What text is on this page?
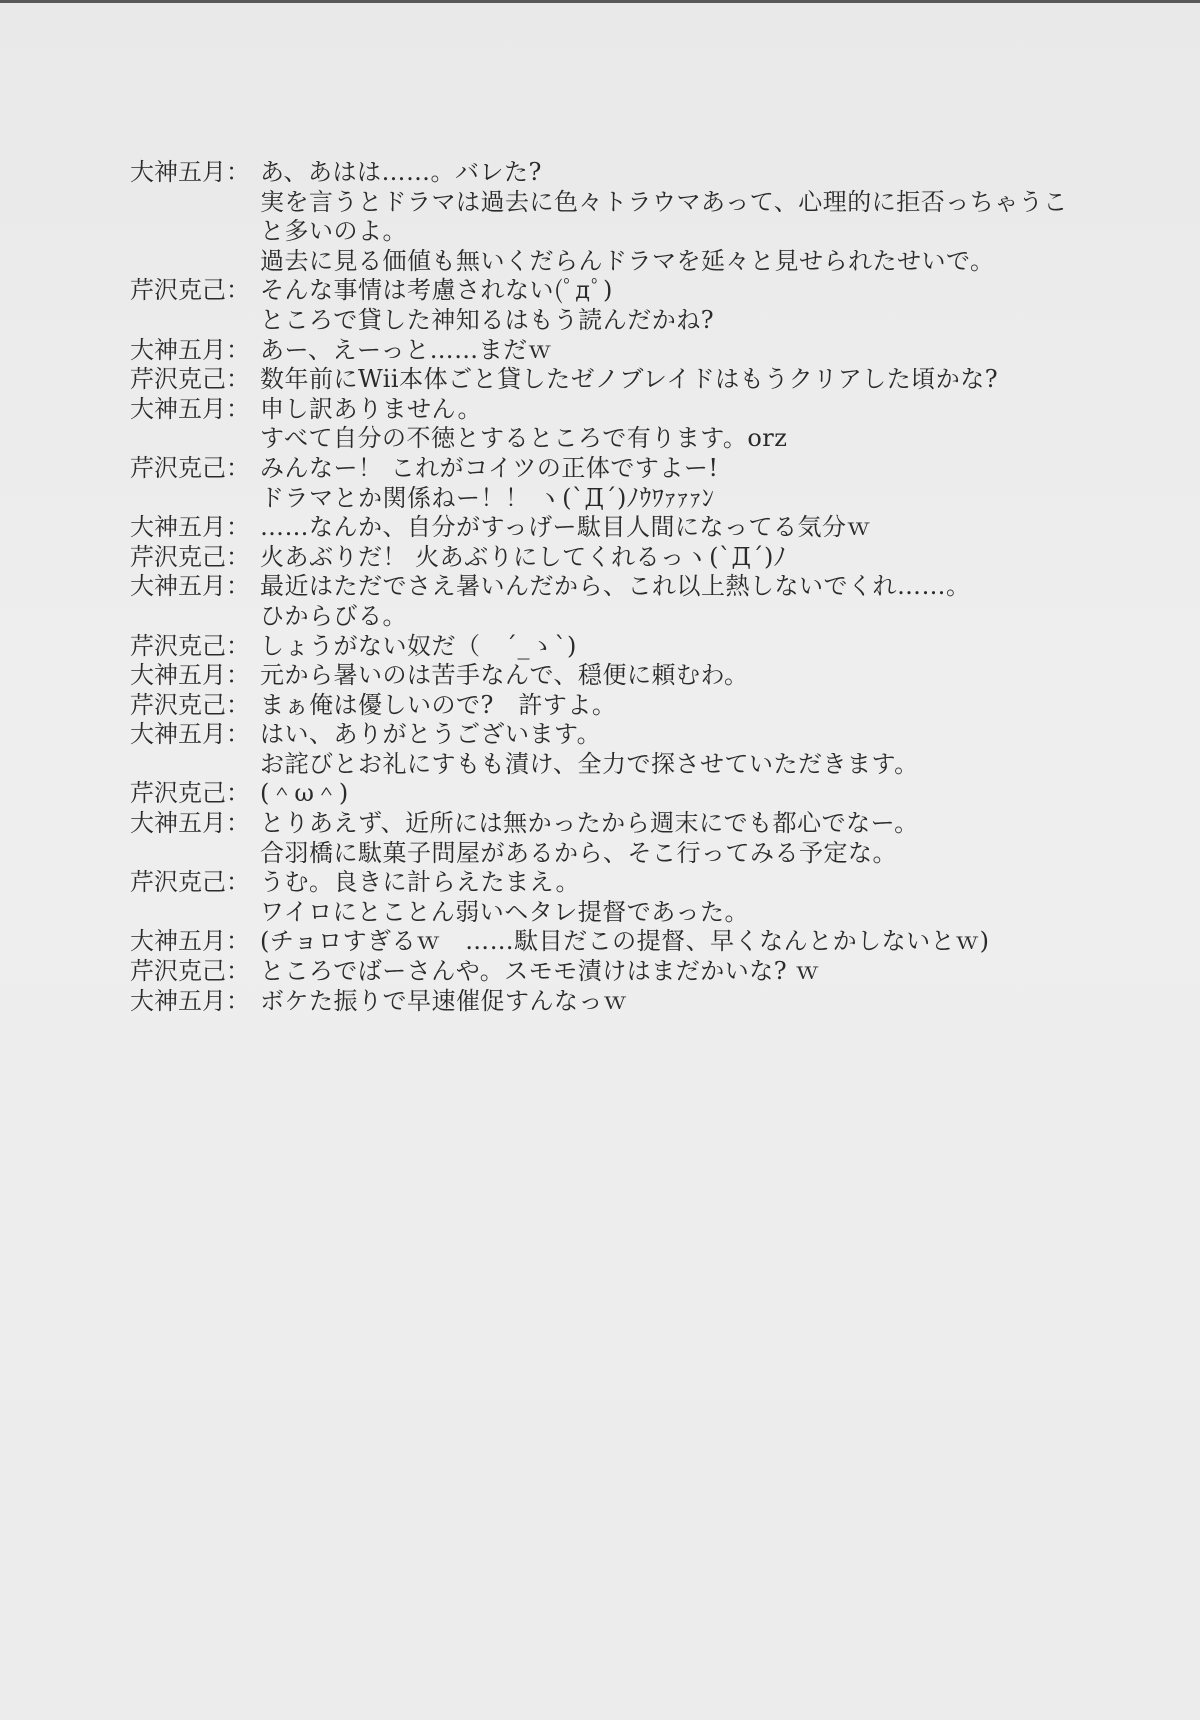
大神五月： あ、あはは……。バレた?
実を言うとドラマは過去に色々トラウマあって、心理的に拒否っちゃうこ
と多いのよ。
過去に見る価値も無いくだらんドラマを延々と見せられたせいで。
芹沢克己： そんな事情は考慮されない(ﾟдﾟ)
ところで貸した神知るはもう読んだかね?
大神五月： あー、えーっと……まだｗ
芹沢克己： 数年前にWii本体ごと貸したゼノブレイドはもうクリアした頃かな?
大神五月： 申し訳ありません。
すべて自分の不徳とするところで有ります。orz
芹沢克己： みんなー！ これがコイツの正体ですよー!
ドラマとか関係ねー！！ ヽ(`Д´)ﾉｳﾜｧｧｧﾝ
大神五月： ……なんか、自分がすっげー駄目人間になってる気分ｗ
芹沢克己： 火あぶりだ！ 火あぶりにしてくれるっヽ(`Д´)ﾉ
大神五月： 最近はただでさえ暑いんだから、これ以上熱しないでくれ……。
ひからびる。
芹沢克己： しょうがない奴だ（　´_ゝ`)
大神五月： 元から暑いのは苦手なんで、穏便に頼むわ。
芹沢克己： まぁ俺は優しいので?　許すよ。
大神五月： はい、ありがとうございます。
お詫びとお礼にすもも漬け、全力で探させていただきます。
芹沢克己： (＾ω＾)
大神五月： とりあえず、近所には無かったから週末にでも都心でなー。
合羽橋に駄菓子問屋があるから、そこ行ってみる予定な。
芹沢克己： うむ。良きに計らえたまえ。
ワイロにとことん弱いヘタレ提督であった。
大神五月： (チョロすぎるｗ　……駄目だこの提督、早くなんとかしないとｗ)
芹沢克己： ところでばーさんや。スモモ漬けはまだかいな? ｗ
大神五月： ボケた振りで早速催促すんなっｗ
